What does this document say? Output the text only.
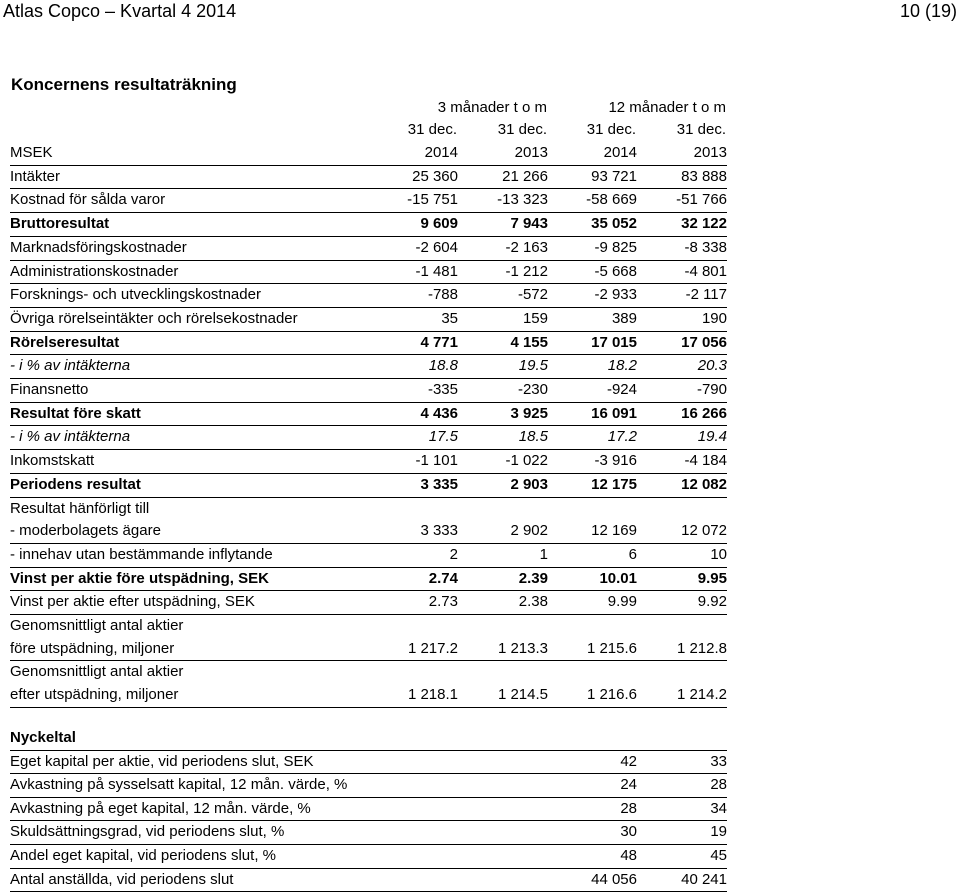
Atlas Copco – Kvartal 4 2014	10 (19)
Koncernens resultaträkning
3 månader t o m	12 månader t o m
31 dec.	31 dec.	31 dec.	31 dec.
MSEK	2014	2013	2014	2013
Intäkter	25 360	21 266	93 721	83 888
Kostnad för sålda varor	-15 751	-13 323	-58 669	-51 766
Bruttoresultat	9 609	7 943	35 052	32 122
Marknadsföringskostnader	-2 604	-2 163	-9 825	-8 338
Administrationskostnader	-1 481	-1 212	-5 668	-4 801
Forsknings- och utvecklingskostnader	-788	-572	-2 933	-2 117
Övriga rörelseintäkter och rörelsekostnader	35	159	389	190
Rörelseresultat	4 771	4 155	17 015	17 056
- i % av intäkterna	18.8	19.5	18.2	20.3
Finansnetto	-335	-230	-924	-790
Resultat före skatt	4 436	3 925	16 091	16 266
- i % av intäkterna	17.5	18.5	17.2	19.4
Inkomstskatt	-1 101	-1 022	-3 916	-4 184
Periodens resultat	3 335	2 903	12 175	12 082
Resultat hänförligt till				
- moderbolagets ägare	3 333	2 902	12 169	12 072
- innehav utan bestämmande inflytande	2	1	6	10
Vinst per aktie före utspädning, SEK	2.74	2.39	10.01	9.95
Vinst per aktie efter utspädning, SEK	2.73	2.38	9.99	9.92
Genomsnittligt antal aktier				
före utspädning, miljoner	1 217.2	1 213.3	1 215.6	1 212.8
Genomsnittligt antal aktier				
efter utspädning, miljoner	1 218.1	1 214.5	1 216.6	1 214.2
Nyckeltal		
Eget kapital per aktie, vid periodens slut, SEK	42	33
Avkastning på sysselsatt kapital, 12 mån. värde, %	24	28
Avkastning på eget kapital, 12 mån. värde, %	28	34
Skuldsättningsgrad, vid periodens slut, %	30	19
Andel eget kapital, vid periodens slut, %	48	45
Antal anställda, vid periodens slut	44 056	40 241
